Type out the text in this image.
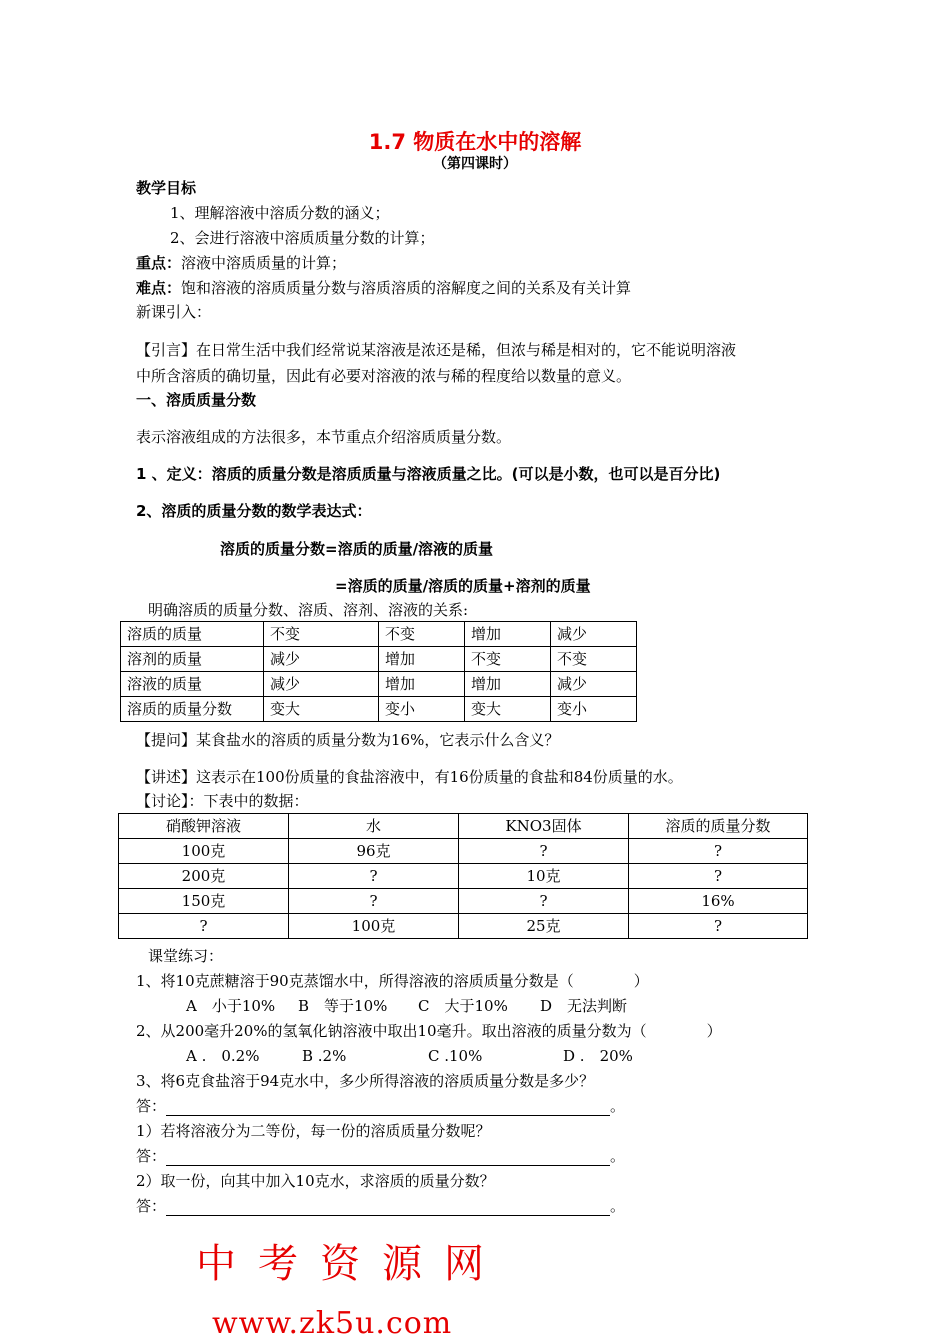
1.7 物质在水中的溶解
（第四课时）
教学目标
1、理解溶液中溶质分数的涵义；
2、会进行溶液中溶质质量分数的计算；
重点：溶液中溶质质量的计算；
难点：饱和溶液的溶质质量分数与溶质溶质的溶解度之间的关系及有关计算
新课引入：
【引言】在日常生活中我们经常说某溶液是浓还是稀，但浓与稀是相对的，它不能说明溶液
中所含溶质的确切量，因此有必要对溶液的浓与稀的程度给以数量的意义。
一、溶质质量分数
表示溶液组成的方法很多，本节重点介绍溶质质量分数。
1 、定义：溶质的质量分数是溶质质量与溶液质量之比。(可以是小数，也可以是百分比)
2、溶质的质量分数的数学表达式：
溶质的质量分数=溶质的质量/溶液的质量
=溶质的质量/溶质的质量+溶剂的质量
明确溶质的质量分数、溶质、溶剂、溶液的关系:
溶质的质量	不变	不变	增加	减少
溶剂的质量	减少	增加	不变	不变
溶液的质量	减少	增加	增加	减少
溶质的质量分数	变大	变小	变大	变小
【提问】某食盐水的溶质的质量分数为16%，它表示什么含义？
【讲述】这表示在100份质量的食盐溶液中，有16份质量的食盐和84份质量的水。
【讨论】：下表中的数据：
硝酸钾溶液	水	KNO3固体	溶质的质量分数
100克	96克	?	?
200克	?	10克	?
150克	?	?	16%
?	100克	25克	?
课堂练习：
1、将10克蔗糖溶于90克蒸馏水中，所得溶液的溶质质量分数是（　　　　）
A　小于10% B　等于10% C　大于10% D　无法判断
2、从200毫升20%的氢氧化钠溶液中取出10毫升。取出溶液的质量分数为（　　　　）
A .　0.2%	B .2%	C .10%	D .　20%
3、将6克食盐溶于94克水中，多少所得溶液的溶质质量分数是多少？
答：	。
1）若将溶液分为二等份，每一份的溶质质量分数呢？
答：	。
2）取一份，向其中加入10克水，求溶质的质量分数？
答：	。
中考资源网
www.zk5u.com
